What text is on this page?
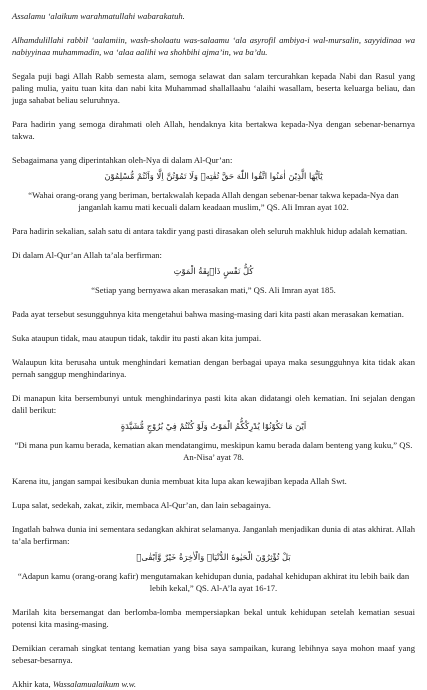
Assalamu ‘alaikum warahmatullahi wabarakatuh.

Alhamdulillahi rabbil ‘aalamiin, wash-sholaatu was-salaamu ‘ala asyrofil ambiya-i wal-mursalin, sayyidinaa wa nabiyyinaa muhammadin, wa ‘alaa aalihi wa shohbihi ajma’in, wa ba’du.

Segala puji bagi Allah Rabb semesta alam, semoga selawat dan salam tercurahkan kepada Nabi dan Rasul yang paling mulia, yaitu tuan kita dan nabi kita Muhammad shallallaahu ‘alaihi wasallam, beserta keluarga beliau, dan juga sahabat beliau seluruhnya.

Para hadirin yang semoga dirahmati oleh Allah, hendaknya kita bertakwa kepada-Nya dengan sebenar-benarnya takwa.

Sebagaimana yang diperintahkan oleh-Nya di dalam Al-Qur’an:

يٰٓاَيُّهَا الَّذِيْنَ اٰمَنُوا اتَّقُوا اللّٰهَ حَقَّ تُقٰتِهٖ وَلَا تَمُوْتُنَّ اِلَّا وَاَنْتُمْ مُّسْلِمُوْنَ

“Wahai orang-orang yang beriman, bertakwalah kepada Allah dengan sebenar-benar takwa kepada-Nya dan janganlah kamu mati kecuali dalam keadaan muslim,” QS. Ali Imran ayat 102.

Para hadirin sekalian, salah satu di antara takdir yang pasti dirasakan oleh seluruh makhluk hidup adalah kematian.

Di dalam Al-Qur’an Allah ta’ala berfirman:

كُلُّ نَفْسٍ ذَاۤىِٕقَةُ الْمَوْتِ

“Setiap yang bernyawa akan merasakan mati,” QS. Ali Imran ayat 185.

Pada ayat tersebut sesungguhnya kita mengetahui bahwa masing-masing dari kita pasti akan merasakan kematian.

Suka ataupun tidak, mau ataupun tidak, takdir itu pasti akan kita jumpai.

Walaupun kita berusaha untuk menghindari kematian dengan berbagai upaya maka sesungguhnya kita tidak akan pernah sanggup menghindarinya.

Di manapun kita bersembunyi untuk menghindarinya pasti kita akan didatangi oleh kematian. Ini sejalan dengan dalil berikut:

اَيْنَ مَا تَكُوْنُوْا يُدْرِكْكُّمُ الْمَوْتُ وَلَوْ كُنْتُمْ فِيْ بُرُوْجٍ مُّشَيَّدَةٍ

“Di mana pun kamu berada, kematian akan mendatangimu, meskipun kamu berada dalam benteng yang kuku,” QS. An-Nisa’ ayat 78.

Karena itu, jangan sampai kesibukan dunia membuat kita lupa akan kewajiban kepada Allah Swt.

Lupa salat, sedekah, zakat, zikir, membaca Al-Qur’an, dan lain sebagainya.

Ingatlah bahwa dunia ini sementara sedangkan akhirat selamanya. Janganlah menjadikan dunia di atas akhirat. Allah ta’ala berfirman:

بَلْ تُؤْثِرُوْنَ الْحَيٰوةَ الدُّنْيَاۖ وَالْاٰخِرَةُ خَيْرٌ وَّاَبْقٰىۗ

“Adapun kamu (orang-orang kafir) mengutamakan kehidupan dunia, padahal kehidupan akhirat itu lebih baik dan lebih kekal,” QS. Al-A’la ayat 16-17.

Marilah kita bersemangat dan berlomba-lomba mempersiapkan bekal untuk kehidupan setelah kematian sesuai potensi kita masing-masing.

Demikian ceramah singkat tentang kematian yang bisa saya sampaikan, kurang lebihnya saya mohon maaf yang sebesar-besarnya.

Akhir kata, Wassalamualaikum w.w.
